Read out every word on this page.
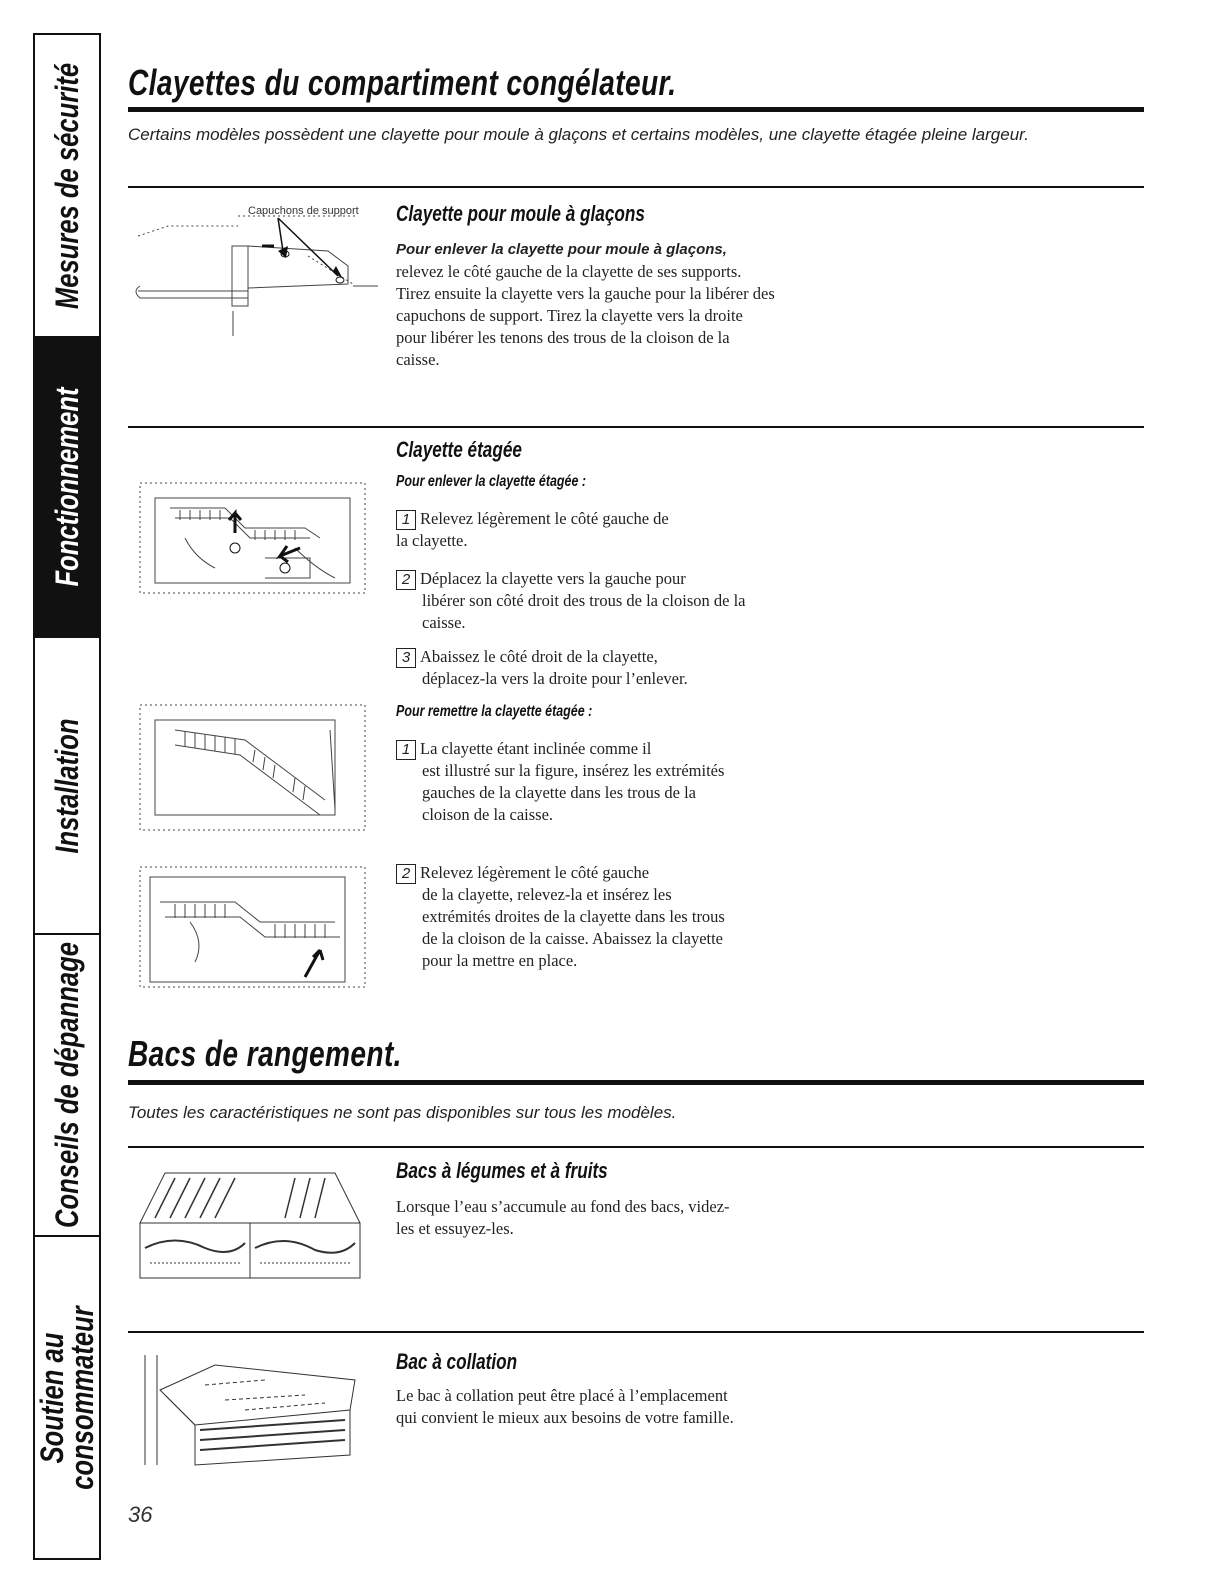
Mesures de sécurité
Fonctionnement
Installation
Conseils de dépannage
Soutien au
consommateur
Clayettes du compartiment congélateur.
Certains modèles possèdent une clayette pour moule à glaçons et certains modèles, une clayette étagée pleine largeur.
Capuchons de support Clayette pour moule à glaçons
Pour enlever la clayette pour moule à glaçons, relevez le côté gauche de la clayette de ses supports. Tirez ensuite la clayette vers la gauche pour la libérer des capuchons de support. Tirez la clayette vers la droite pour libérer les tenons des trous de la cloison de la caisse.
Clayette étagée
Pour enlever la clayette étagée :
1 Relevez légèrement le côté gauche de
la clayette.
2 Déplacez la clayette vers la gauche pour
libérer son côté droit des trous de la cloison de la caisse.
3 Abaissez le côté droit de la clayette,
déplacez-la vers la droite pour l’enlever.
Pour remettre la clayette étagée :
1 La clayette étant inclinée comme il
est illustré sur la figure, insérez les extrémités gauches de la clayette dans les trous de la cloison de la caisse.
2 Relevez légèrement le côté gauche
de la clayette, relevez-la et insérez les extrémités droites de la clayette dans les trous de la cloison de la caisse. Abaissez la clayette pour la mettre en place.
Bacs de rangement.
Toutes les caractéristiques ne sont pas disponibles sur tous les modèles.
Bacs à légumes et à fruits
Lorsque l’eau s’accumule au fond des bacs, videz-les et essuyez-les.
Bac à collation
Le bac à collation peut être placé à l’emplacement qui convient le mieux aux besoins de votre famille.
36
